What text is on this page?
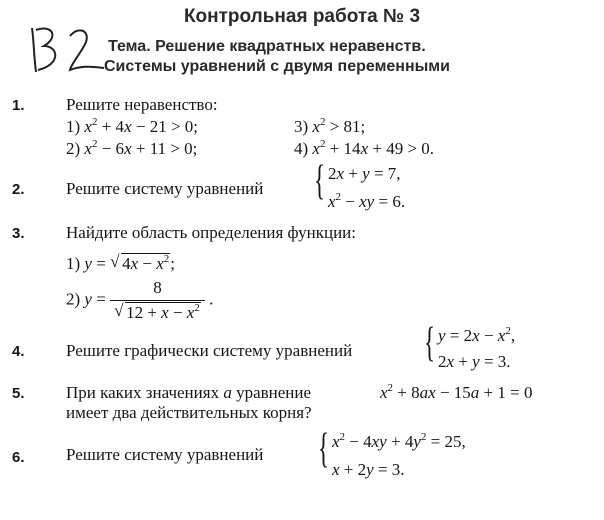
Контрольная работа № 3
Тема. Решение квадратных неравенств.
Системы уравнений с двумя переменными
1. Решите неравенство:
1) $x^2 + 4x - 21 > 0$;	3) $x^2 > 81$;
2) $x^2 - 6x + 11 > 0$;	4) $x^2 + 14x + 49 > 0$.
2. Решите систему уравнений { 2x + y = 7,
$x^2$ − xy = 6.
3. Найдите область определения функции:
1) y = √ $4x - x^2$;
2) $y = \frac{8}{√ 12 + x - x^2}$ .
4. Решите графически систему уравнений { $y = 2x - x^2$,
2x + y = 3.
5. При каких значениях a уравнение	$x^2 + 8ax - 15a + 1 = 0$
имеет два действительных корня?
6. Решите систему уравнений { $x^2 - 4xy + 4y^2 = 25$,
x + 2y = 3.
